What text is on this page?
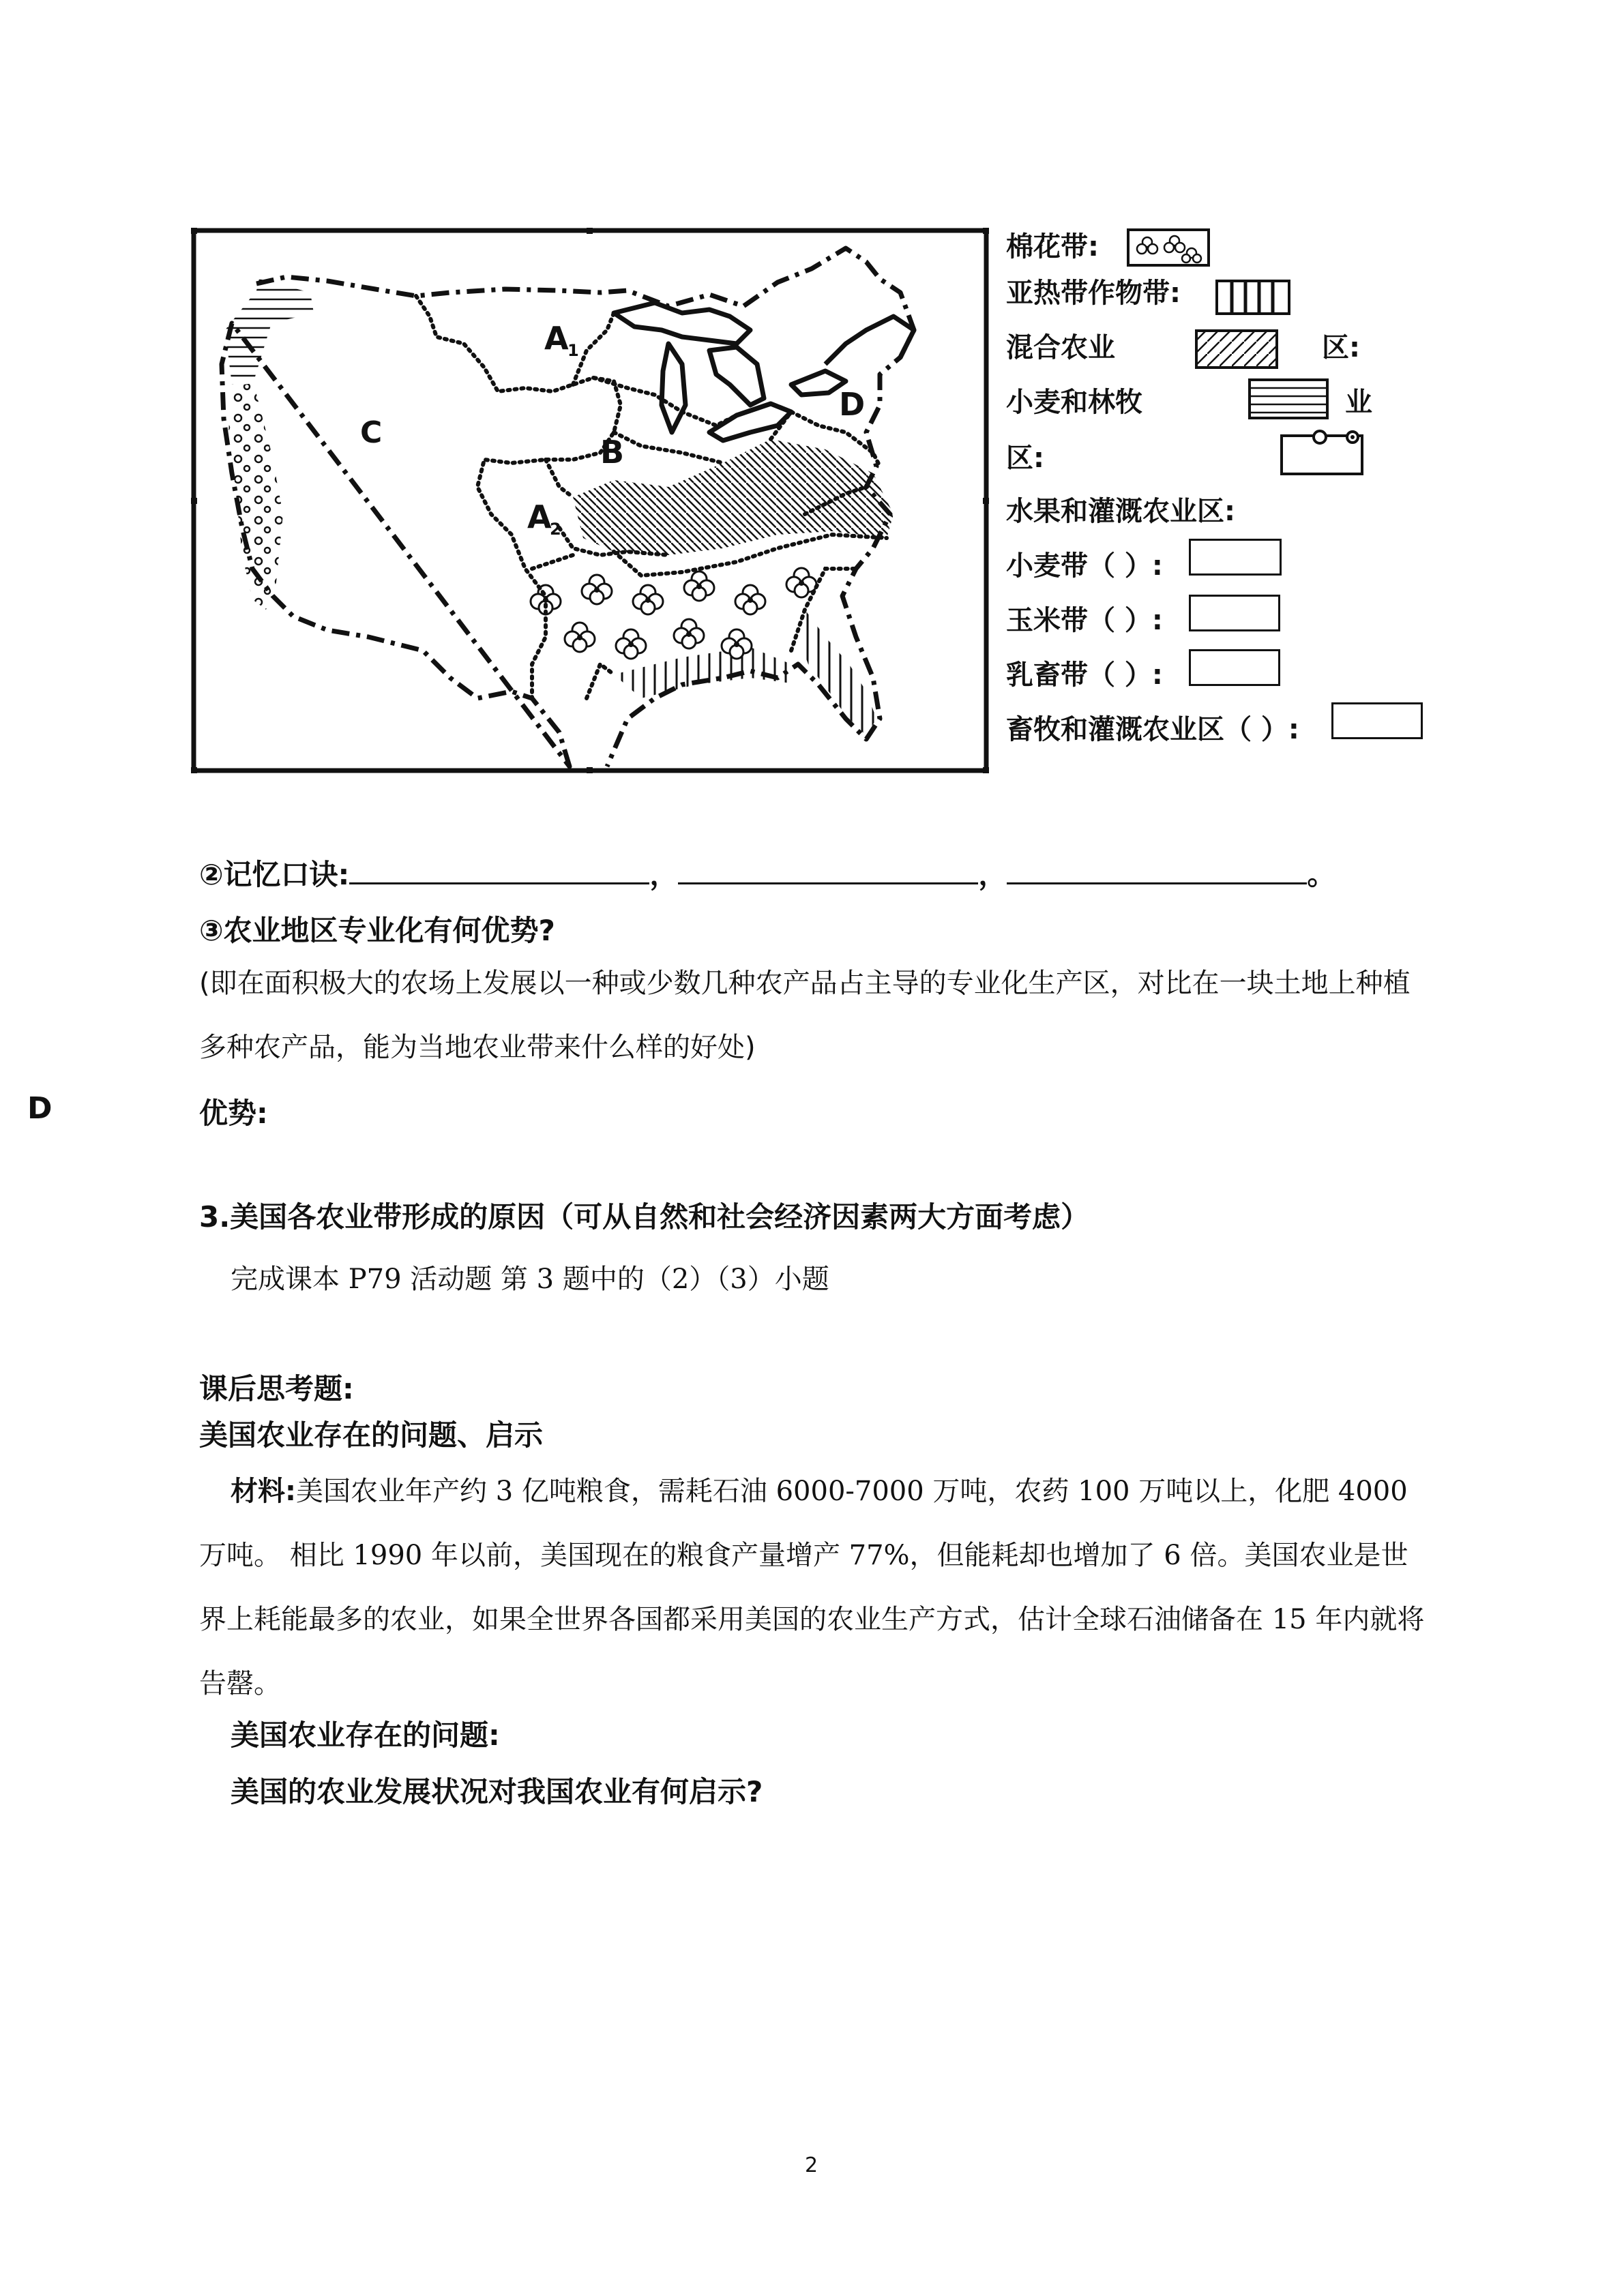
C
A
1
B
A
2
D
棉花带:
亚热带作物带:
混合农业	区:
小麦和林牧	业
区:
水果和灌溉农业区:
小麦带（ ）:
玉米带（ ）:
乳畜带（ ）:
畜牧和灌溉农业区（ ）:
②记忆口诀:	，	，	。
③农业地区专业化有何优势?
(即在面积极大的农场上发展以一种或少数几种农产品占主导的专业化生产区，对比在一块土地上种植多种农产品，能为当地农业带来什么样的好处)
D	优势:
3.美国各农业带形成的原因（可从自然和社会经济因素两大方面考虑）
完成课本 P79 活动题 第 3 题中的（2）（3）小题
课后思考题:
美国农业存在的问题、启示
材料:美国农业年产约 3 亿吨粮食，需耗石油 6000-7000 万吨，农药 100 万吨以上，化肥 4000 万吨。 相比 1990 年以前，美国现在的粮食产量增产 77%，但能耗却也增加了 6 倍。美国农业是世界上耗能最多的农业，如果全世界各国都采用美国的农业生产方式，估计全球石油储备在 15 年内就将告罄。
美国农业存在的问题:
美国的农业发展状况对我国农业有何启示?
2
